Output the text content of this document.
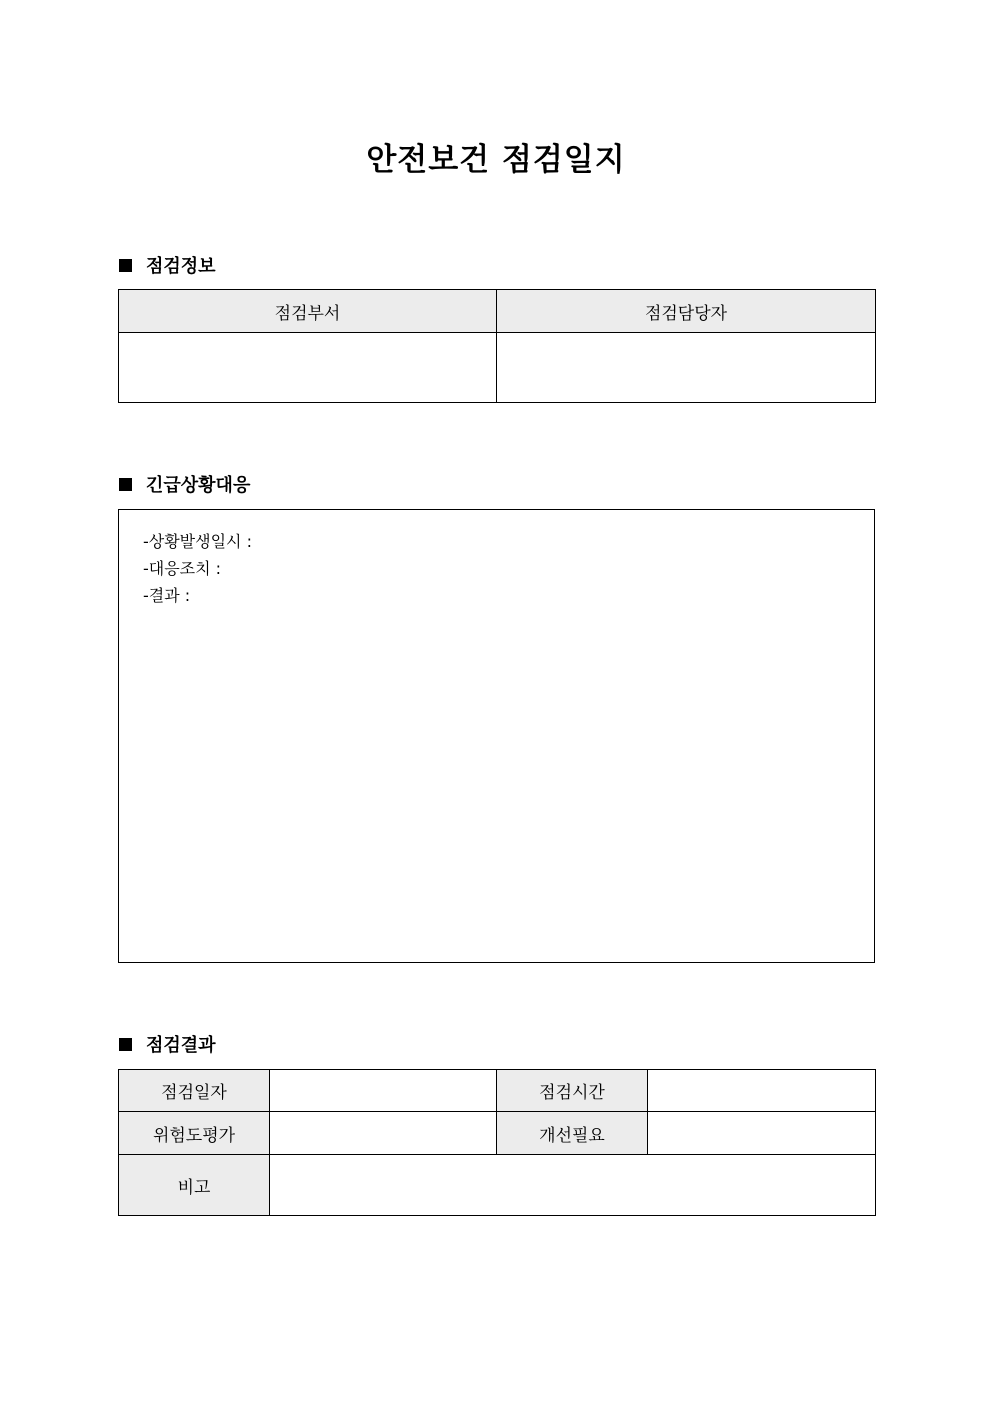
안전보건 점검일지
점검정보
점검부서	점검담당자

긴급상황대응
-상황발생일시 :
-대응조치 :
-결과 :
점검결과
점검일자		점검시간	
위험도평가		개선필요	
비고			
